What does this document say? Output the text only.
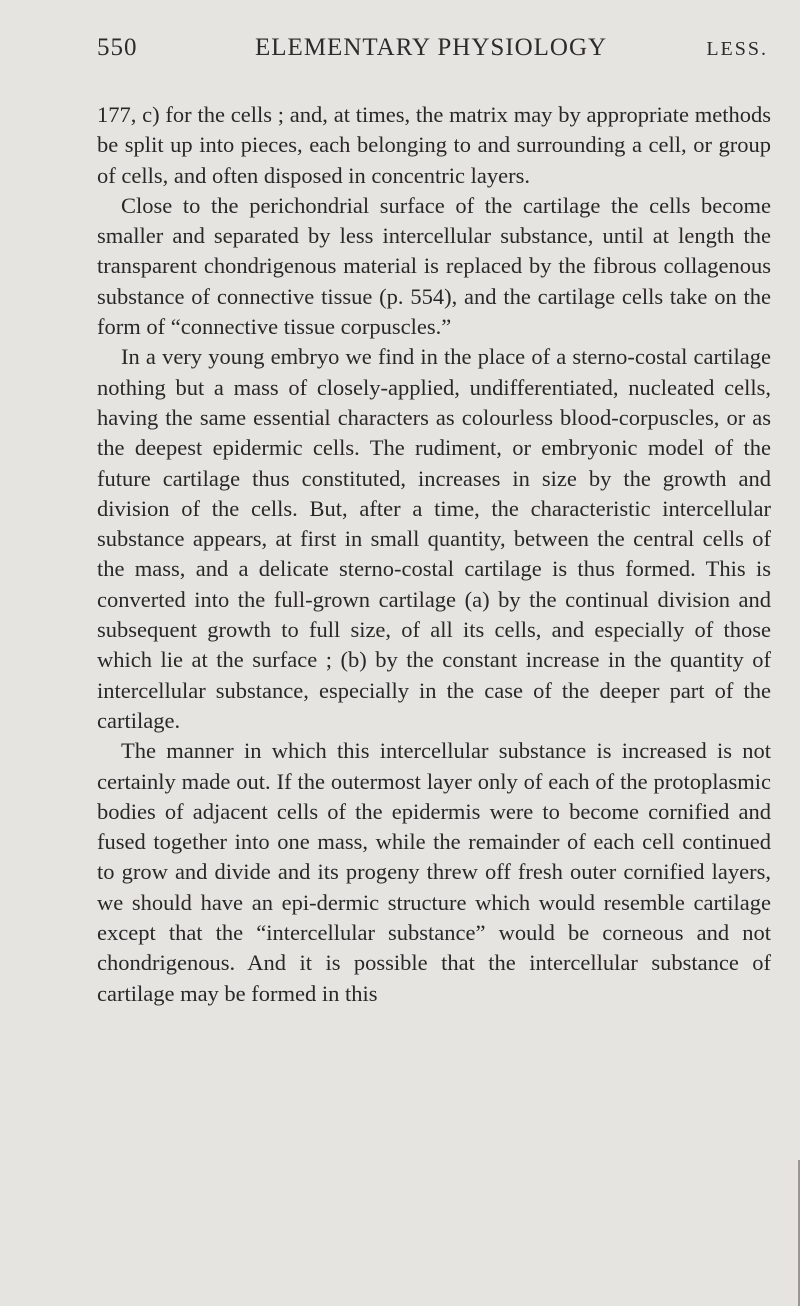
550	ELEMENTARY PHYSIOLOGY	LESS.

177, c) for the cells ; and, at times, the matrix may by appropriate methods be split up into pieces, each belonging to and surrounding a cell, or group of cells, and often disposed in concentric layers.

Close to the perichondrial surface of the cartilage the cells become smaller and separated by less intercellular substance, until at length the transparent chondrigenous material is replaced by the fibrous collagenous substance of connective tissue (p. 554), and the cartilage cells take on the form of “connective tissue corpuscles.”

In a very young embryo we find in the place of a sterno-costal cartilage nothing but a mass of closely-applied, undifferentiated, nucleated cells, having the same essential characters as colourless blood-corpuscles, or as the deepest epidermic cells. The rudiment, or embryonic model of the future cartilage thus constituted, increases in size by the growth and division of the cells. But, after a time, the characteristic intercellular substance appears, at first in small quantity, between the central cells of the mass, and a delicate sterno-costal cartilage is thus formed. This is converted into the full-grown cartilage (a) by the continual division and subsequent growth to full size, of all its cells, and especially of those which lie at the surface ; (b) by the constant increase in the quantity of intercellular substance, especially in the case of the deeper part of the cartilage.

The manner in which this intercellular substance is increased is not certainly made out. If the outermost layer only of each of the protoplasmic bodies of adjacent cells of the epidermis were to become cornified and fused together into one mass, while the remainder of each cell continued to grow and divide and its progeny threw off fresh outer cornified layers, we should have an epi-dermic structure which would resemble cartilage except that the “intercellular substance” would be corneous and not chondrigenous. And it is possible that the intercellular substance of cartilage may be formed in this
